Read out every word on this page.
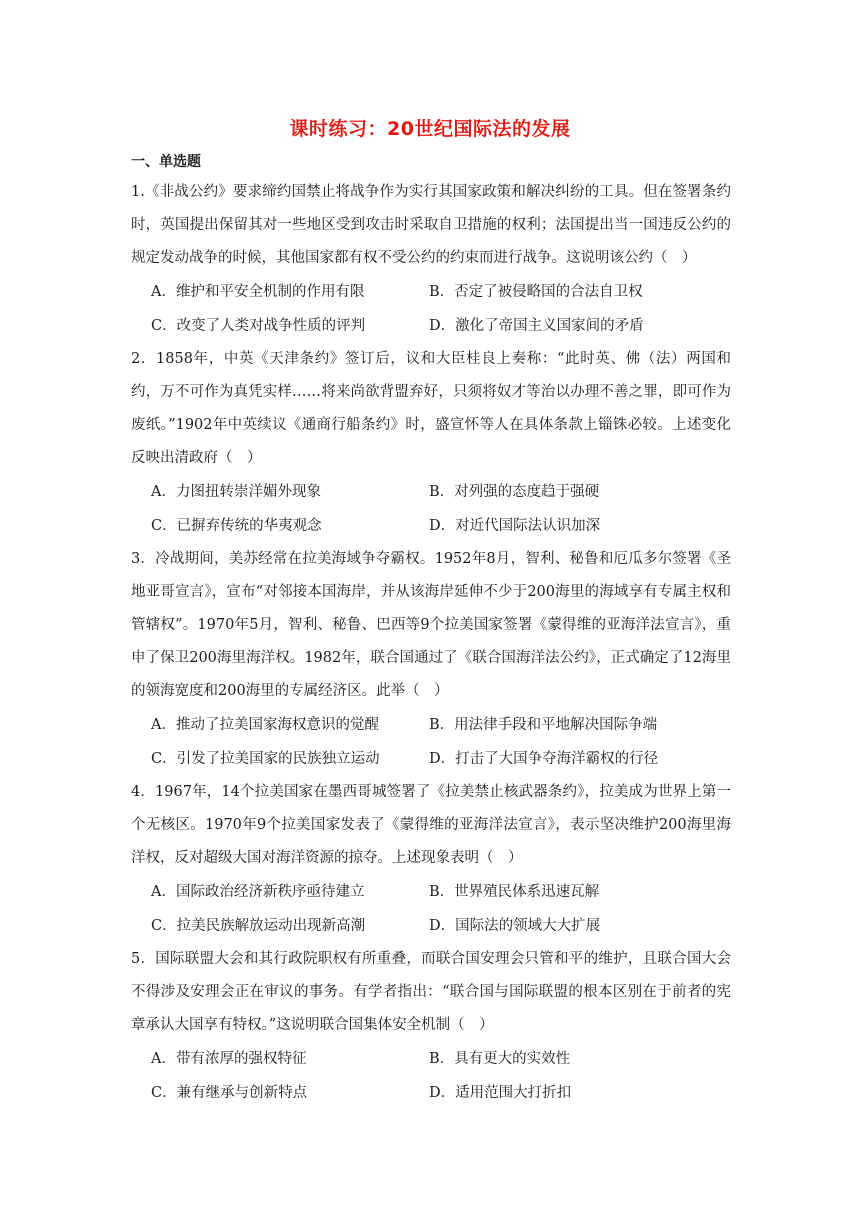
课时练习：20世纪国际法的发展
一、单选题

1.《非战公约》要求缔约国禁止将战争作为实行其国家政策和解决纠纷的工具。但在签署条约时，英国提出保留其对一些地区受到攻击时采取自卫措施的权利；法国提出当一国违反公约的规定发动战争的时候，其他国家都有权不受公约的约束而进行战争。这说明该公约（　）

A．维护和平安全机制的作用有限	B．否定了被侵略国的合法自卫权
C．改变了人类对战争性质的评判	D．激化了帝国主义国家间的矛盾

2．1858年，中英《天津条约》签订后，议和大臣桂良上奏称：“此时英、佛（法）两国和约，万不可作为真凭实样……将来尚欲背盟弃好，只须将奴才等治以办理不善之罪，即可作为废纸。”1902年中英续议《通商行船条约》时，盛宣怀等人在具体条款上锱铢必较。上述变化反映出清政府（　）

A．力图扭转崇洋媚外现象	B．对列强的态度趋于强硬
C．已摒弃传统的华夷观念	D．对近代国际法认识加深

3．冷战期间，美苏经常在拉美海域争夺霸权。1952年8月，智利、秘鲁和厄瓜多尔签署《圣地亚哥宣言》，宣布“对邻接本国海岸，并从该海岸延伸不少于200海里的海域享有专属主权和管辖权”。1970年5月，智利、秘鲁、巴西等9个拉美国家签署《蒙得维的亚海洋法宣言》，重申了保卫200海里海洋权。1982年，联合国通过了《联合国海洋法公约》，正式确定了12海里的领海宽度和200海里的专属经济区。此举（　）

A．推动了拉美国家海权意识的觉醒	B．用法律手段和平地解决国际争端
C．引发了拉美国家的民族独立运动	D．打击了大国争夺海洋霸权的行径

4．1967年，14个拉美国家在墨西哥城签署了《拉美禁止核武器条约》，拉美成为世界上第一个无核区。1970年9个拉美国家发表了《蒙得维的亚海洋法宣言》，表示坚决维护200海里海洋权，反对超级大国对海洋资源的掠夺。上述现象表明（　）

A．国际政治经济新秩序亟待建立	B．世界殖民体系迅速瓦解
C．拉美民族解放运动出现新高潮	D．国际法的领域大大扩展

5．国际联盟大会和其行政院职权有所重叠，而联合国安理会只管和平的维护，且联合国大会不得涉及安理会正在审议的事务。有学者指出：“联合国与国际联盟的根本区别在于前者的宪章承认大国享有特权。”这说明联合国集体安全机制（　）

A．带有浓厚的强权特征	B．具有更大的实效性
C．兼有继承与创新特点	D．适用范围大打折扣
